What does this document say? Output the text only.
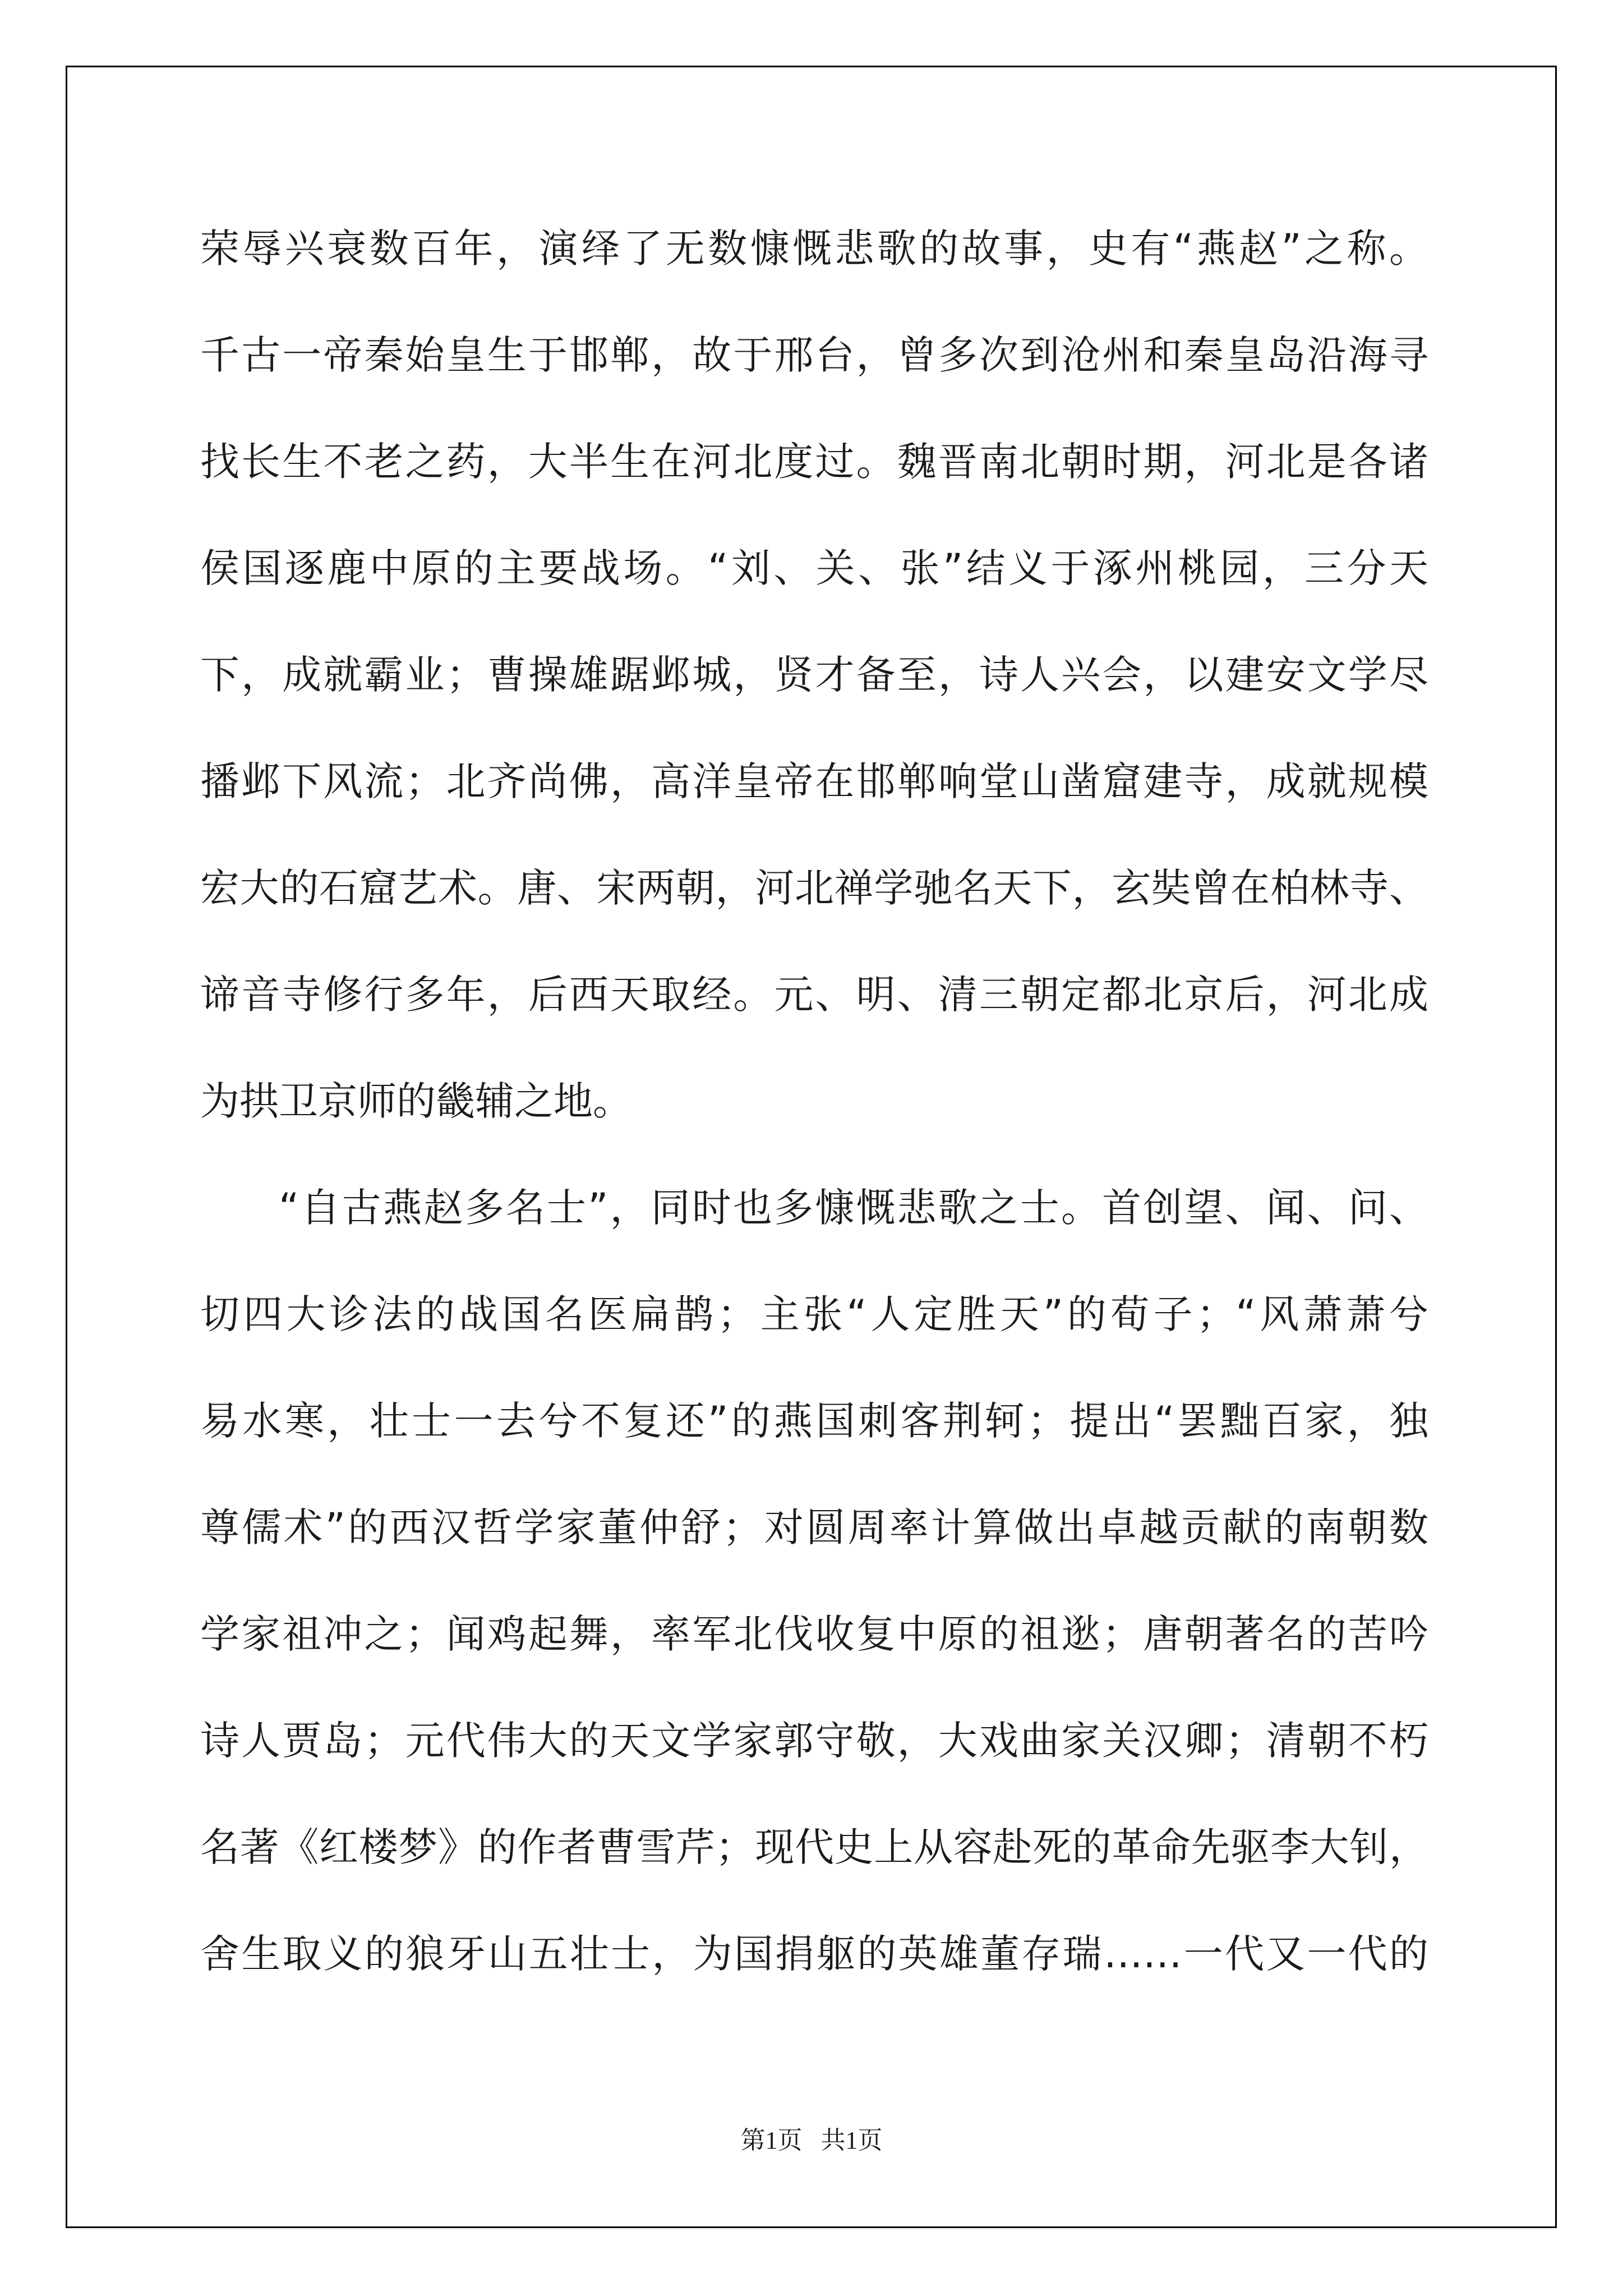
荣辱兴衰数百年，演绎了无数慷慨悲歌的故事，史有“燕赵”之称。
千古一帝秦始皇生于邯郸，故于邢台，曾多次到沧州和秦皇岛沿海寻
找长生不老之药，大半生在河北度过。魏晋南北朝时期，河北是各诸
侯国逐鹿中原的主要战场。“刘、关、张”结义于涿州桃园，三分天
下，成就霸业；曹操雄踞邺城，贤才备至，诗人兴会，以建安文学尽
播邺下风流；北齐尚佛，高洋皇帝在邯郸响堂山凿窟建寺，成就规模
宏大的石窟艺术。唐、宋两朝，河北禅学驰名天下，玄奘曾在柏林寺、
谛音寺修行多年，后西天取经。元、明、清三朝定都北京后，河北成
为拱卫京师的畿辅之地。
“自古燕赵多名士”，同时也多慷慨悲歌之士。首创望、闻、问、
切四大诊法的战国名医扁鹊；主张“人定胜天”的荀子；“风萧萧兮
易水寒，壮士一去兮不复还”的燕国刺客荆轲；提出“罢黜百家，独
尊儒术”的西汉哲学家董仲舒；对圆周率计算做出卓越贡献的南朝数
学家祖冲之；闻鸡起舞，率军北伐收复中原的祖逖；唐朝著名的苦吟
诗人贾岛；元代伟大的天文学家郭守敬，大戏曲家关汉卿；清朝不朽
名著《红楼梦》的作者曹雪芹；现代史上从容赴死的革命先驱李大钊，
舍生取义的狼牙山五壮士，为国捐躯的英雄董存瑞……一代又一代的
第1页   共1页
